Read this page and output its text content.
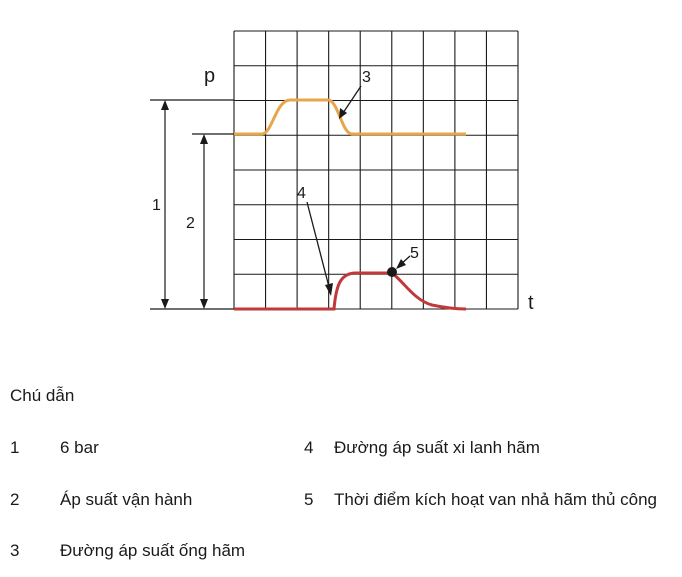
p
t
1
2
3
4
5
Chú dẫn
1 6 bar
2 Áp suất vận hành
3 Đường áp suất ống hãm
4 Đường áp suất xi lanh hãm
5 Thời điểm kích hoạt van nhả hãm thủ công
